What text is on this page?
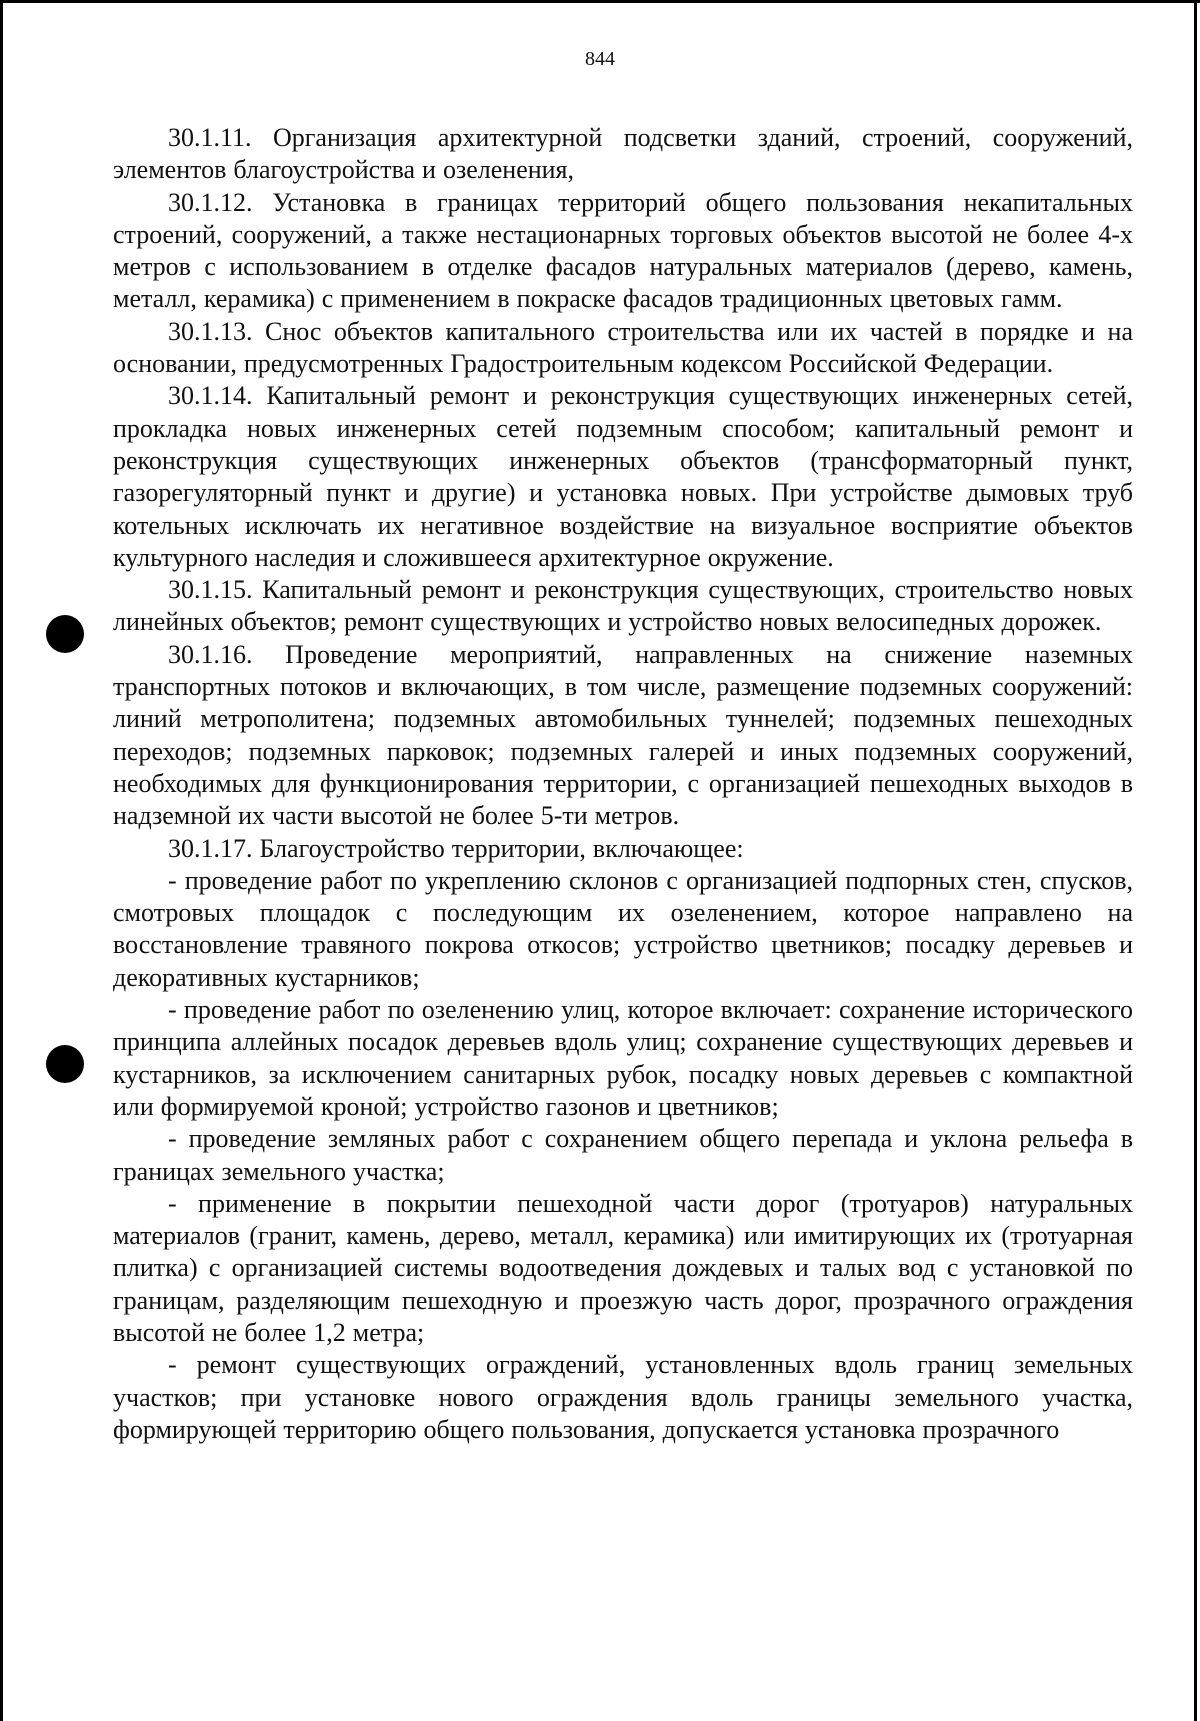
844

30.1.11. Организация архитектурной подсветки зданий, строений, сооружений, элементов благоустройства и озеленения,

30.1.12. Установка в границах территорий общего пользования некапитальных строений, сооружений, а также нестационарных торговых объектов высотой не более 4-х метров с использованием в отделке фасадов натуральных материалов (дерево, камень, металл, керамика) с применением в покраске фасадов традиционных цветовых гамм.

30.1.13. Снос объектов капитального строительства или их частей в порядке и на основании, предусмотренных Градостроительным кодексом Российской Федерации.

30.1.14. Капитальный ремонт и реконструкция существующих инженерных сетей, прокладка новых инженерных сетей подземным способом; капитальный ремонт и реконструкция существующих инженерных объектов (трансформаторный пункт, газорегуляторный пункт и другие) и установка новых. При устройстве дымовых труб котельных исключать их негативное воздействие на визуальное восприятие объектов культурного наследия и сложившееся архитектурное окружение.

30.1.15. Капитальный ремонт и реконструкция существующих, строительство новых линейных объектов; ремонт существующих и устройство новых велосипедных дорожек.

30.1.16. Проведение мероприятий, направленных на снижение наземных транспортных потоков и включающих, в том числе, размещение подземных сооружений: линий метрополитена; подземных автомобильных туннелей; подземных пешеходных переходов; подземных парковок; подземных галерей и иных подземных сооружений, необходимых для функционирования территории, с организацией пешеходных выходов в надземной их части высотой не более 5-ти метров.

30.1.17. Благоустройство территории, включающее:

- проведение работ по укреплению склонов с организацией подпорных стен, спусков, смотровых площадок с последующим их озеленением, которое направлено на восстановление травяного покрова откосов; устройство цветников; посадку деревьев и декоративных кустарников;

- проведение работ по озеленению улиц, которое включает: сохранение исторического принципа аллейных посадок деревьев вдоль улиц; сохранение существующих деревьев и кустарников, за исключением санитарных рубок, посадку новых деревьев с компактной или формируемой кроной; устройство газонов и цветников;

- проведение земляных работ с сохранением общего перепада и уклона рельефа в границах земельного участка;

- применение в покрытии пешеходной части дорог (тротуаров) натуральных материалов (гранит, камень, дерево, металл, керамика) или имитирующих их (тротуарная плитка) с организацией системы водоотведения дождевых и талых вод с установкой по границам, разделяющим пешеходную и проезжую часть дорог, прозрачного ограждения высотой не более 1,2 метра;

- ремонт существующих ограждений, установленных вдоль границ земельных участков; при установке нового ограждения вдоль границы земельного участка, формирующей территорию общего пользования, допускается установка прозрачного
